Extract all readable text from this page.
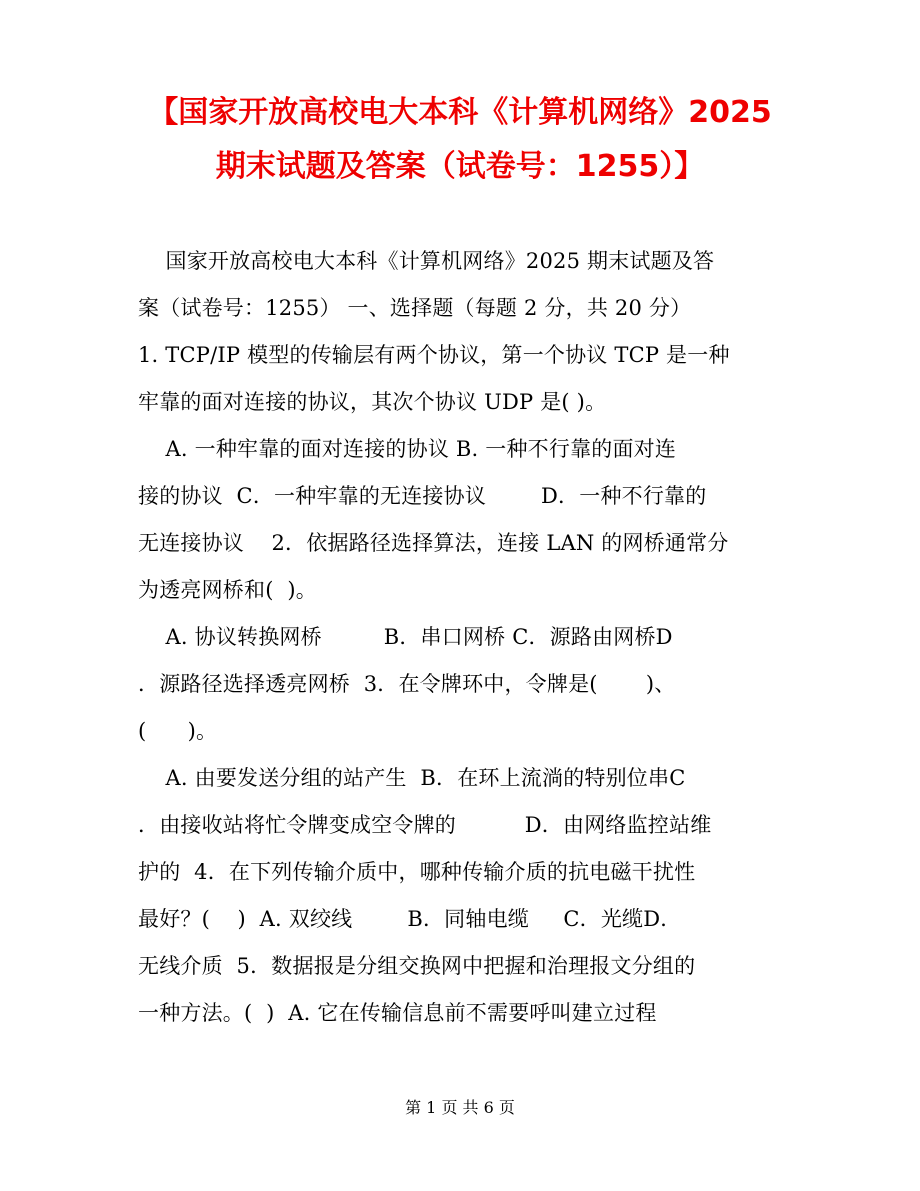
【国家开放高校电大本科《计算机网络》2025
期末试题及答案（试卷号：1255）】
国家开放高校电大本科《计算机网络》2025 期末试题及答
案（试卷号：1255） 一、选择题（每题 2 分，共 20 分）
1. TCP/IP 模型的传输层有两个协议，第一个协议 TCP 是一种
牢靠的面对连接的协议，其次个协议 UDP 是( )。
A. 一种牢靠的面对连接的协议 B. 一种不行靠的面对连
接的协议  C．一种牢靠的无连接协议        D．一种不行靠的
无连接协议    2．依据路径选择算法，连接 LAN 的网桥通常分
为透亮网桥和(  )。
A. 协议转换网桥         B．串口网桥 C．源路由网桥D
．源路径选择透亮网桥  3．在令牌环中，令牌是(       )、
(      )。
A. 由要发送分组的站产生  B．在环上流淌的特别位串C
．由接收站将忙令牌变成空令牌的          D．由网络监控站维
护的  4．在下列传输介质中，哪种传输介质的抗电磁干扰性
最好？(    )  A. 双绞线        B．同轴电缆     C．光缆D．
无线介质  5．数据报是分组交换网中把握和治理报文分组的
一种方法。(  )  A. 它在传输信息前不需要呼叫建立过程
第 1 页 共 6 页
